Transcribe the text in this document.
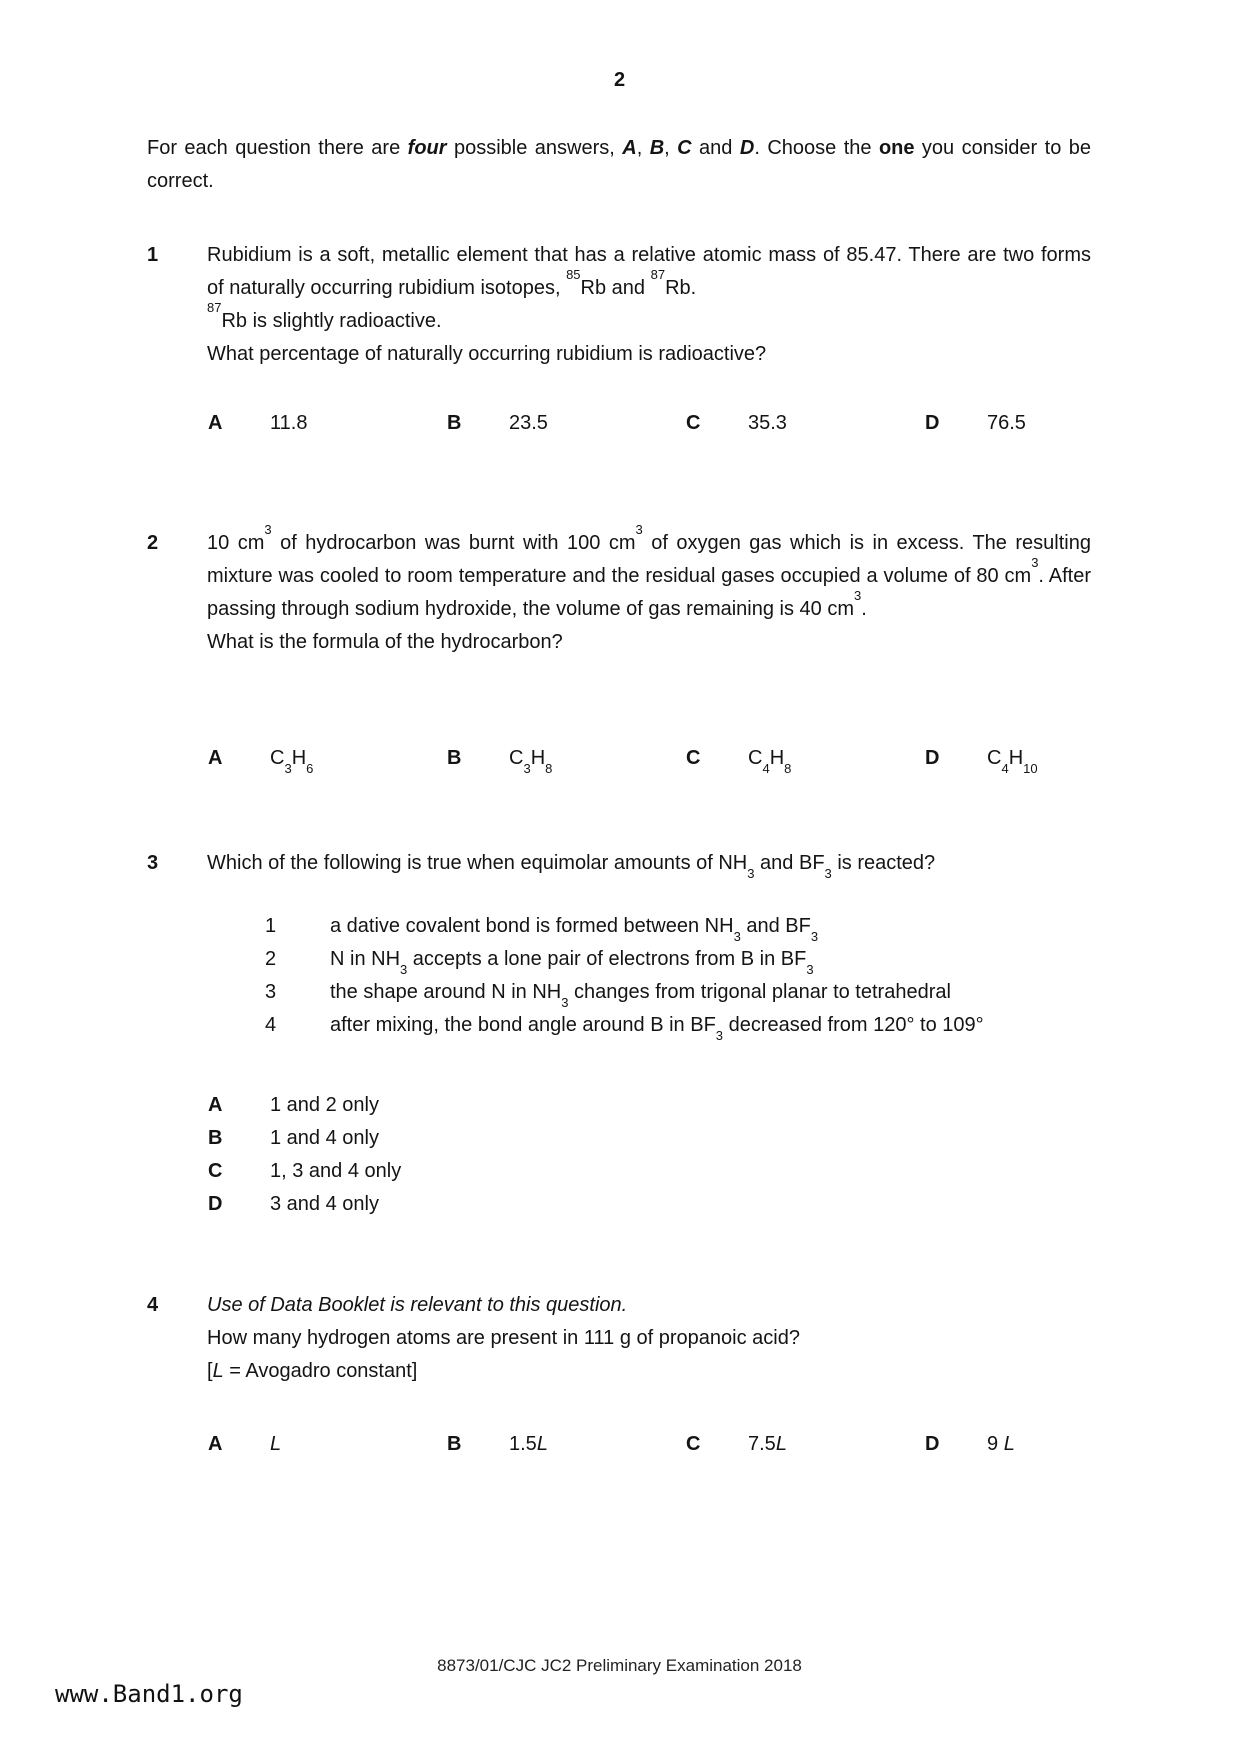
2

For each question there are four possible answers, A, B, C and D. Choose the one you consider to be correct.

1 Rubidium is a soft, metallic element that has a relative atomic mass of 85.47. There are two forms of naturally occurring rubidium isotopes, $^{85}$Rb and $^{87}$Rb.

$^{87}$Rb is slightly radioactive.

What percentage of naturally occurring rubidium is radioactive?

A	11.8	B	23.5	C	35.3	D	76.5
2 10 $cm^3$ of hydrocarbon was burnt with 100 $cm^3$ of oxygen gas which is in excess. The resulting mixture was cooled to room temperature and the residual gases occupied a volume of 80 $cm^3$. After passing through sodium hydroxide, the volume of gas remaining is 40 $cm^3$.

What is the formula of the hydrocarbon?

A	$C_3H_6$	B	$C_3H_8$	C	$C_4H_8$	D	$C_4H_{10}$
3 Which of the following is true when equimolar amounts of $NH_3$ and $BF_3$ is reacted?

1	a dative covalent bond is formed between $NH_3$ and $BF_3$
2	N in $NH_3$ accepts a lone pair of electrons from B in $BF_3$
3	the shape around N in $NH_3$ changes from trigonal planar to tetrahedral
4	after mixing, the bond angle around B in $BF_3$ decreased from 120° to 109°
A	1 and 2 only
B	1 and 4 only
C	1, 3 and 4 only
D	3 and 4 only
4 Use of Data Booklet is relevant to this question.

How many hydrogen atoms are present in 111 g of propanoic acid?

[L = Avogadro constant]

A	L	B	1.5L	C	7.5L	D	9 L
8873/01/CJC JC2 Preliminary Examination 2018
www.Band1.org
